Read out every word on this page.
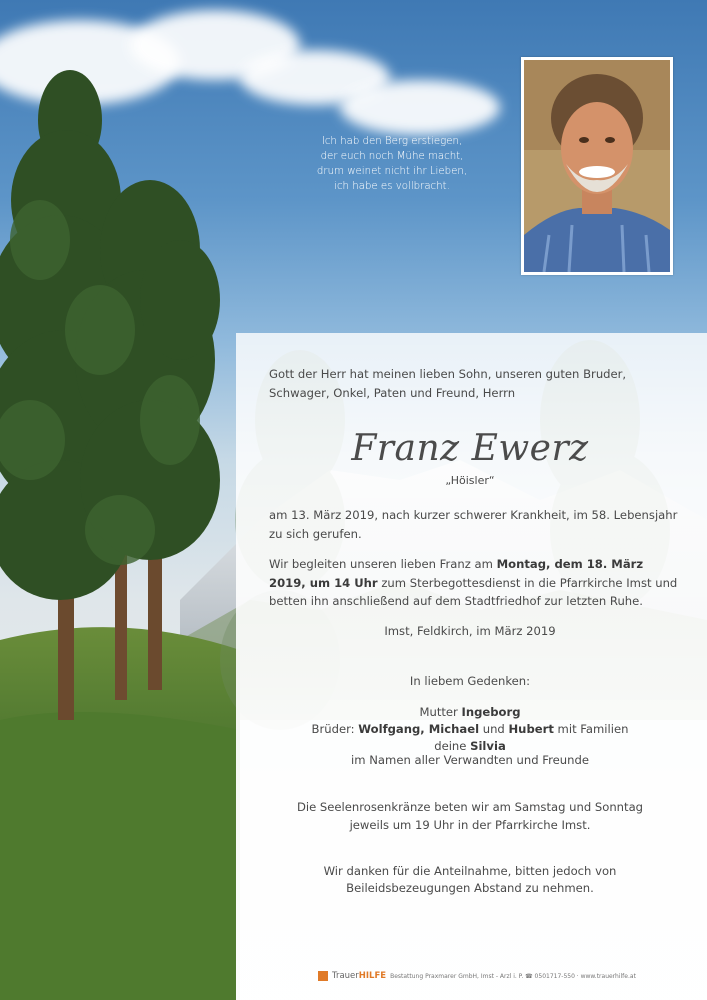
Ich hab den Berg erstiegen,
der euch noch Mühe macht,
drum weinet nicht ihr Lieben,
ich habe es vollbracht.
Gott der Herr hat meinen lieben Sohn, unseren guten Bruder, Schwager, Onkel, Paten und Freund, Herrn
Franz Ewerz
„Höisler“
am 13. März 2019, nach kurzer schwerer Krankheit, im 58. Lebensjahr zu sich gerufen.
Wir begleiten unseren lieben Franz am Montag, dem 18. März 2019, um 14 Uhr zum Sterbegottesdienst in die Pfarrkirche Imst und betten ihn anschließend auf dem Stadtfriedhof zur letzten Ruhe.
Imst, Feldkirch, im März 2019
In liebem Gedenken:
Mutter Ingeborg
Brüder: Wolfgang, Michael und Hubert mit Familien
deine Silvia
im Namen aller Verwandten und Freunde
Die Seelenrosenkränze beten wir am Samstag und Sonntag
jeweils um 19 Uhr in der Pfarrkirche Imst.
Wir danken für die Anteilnahme, bitten jedoch von
Beileidsbezeugungen Abstand zu nehmen.
TrauerHILFE Bestattung Praxmarer GmbH, Imst - Arzl i. P. ☎ 0501717-550 · www.trauerhilfe.at
